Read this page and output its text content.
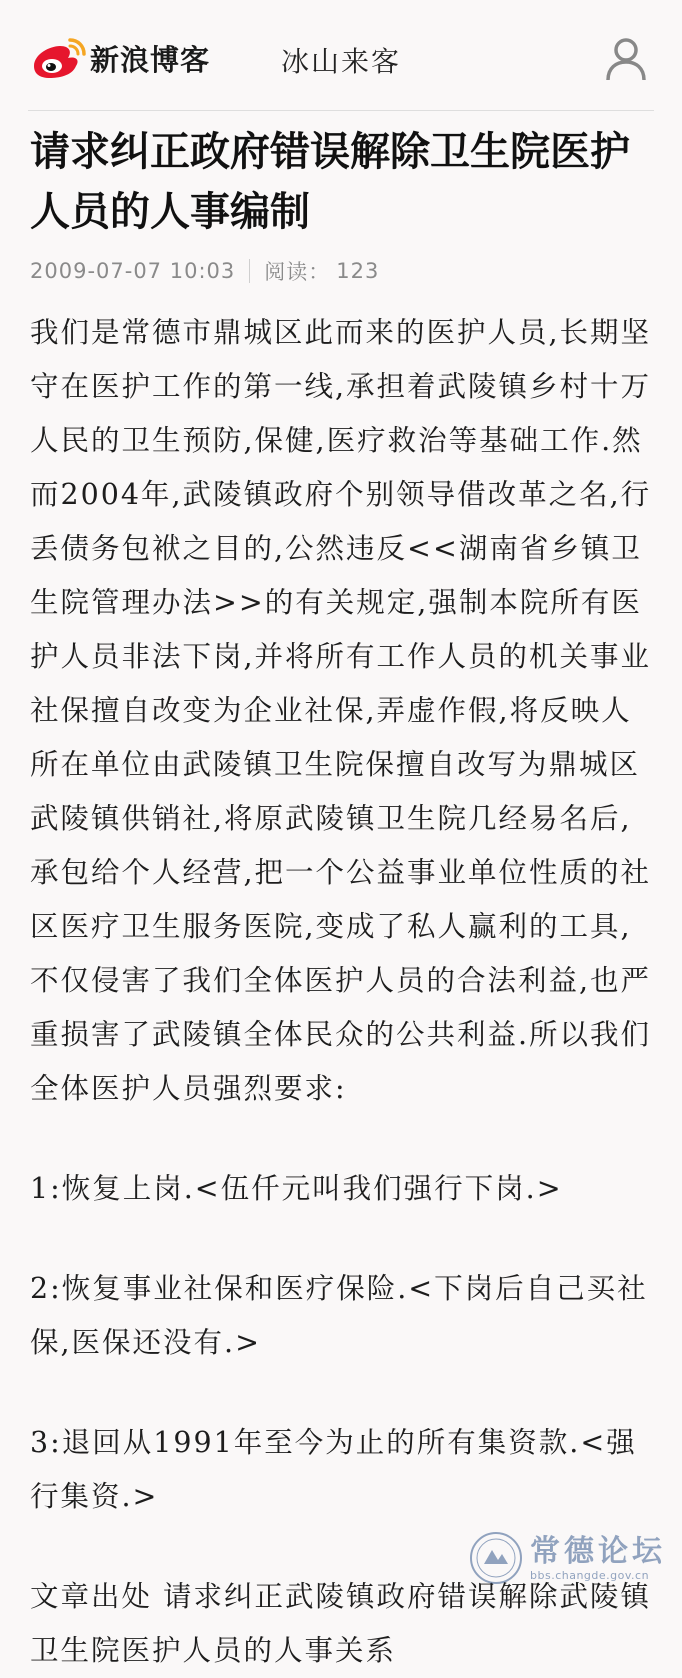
新浪博客	冰山来客
请求纠正政府错误解除卫生院医护人员的人事编制
2009-07-07 10:03 阅读： 123

我们是常德市鼎城区此而来的医护人员,长期坚守在医护工作的第一线,承担着武陵镇乡村十万人民的卫生预防,保健,医疗救治等基础工作.然而2004年,武陵镇政府个别领导借改革之名,行丢债务包袱之目的,公然违反<<湖南省乡镇卫生院管理办法>>的有关规定,强制本院所有医护人员非法下岗,并将所有工作人员的机关事业社保擅自改变为企业社保,弄虚作假,将反映人所在单位由武陵镇卫生院保擅自改写为鼎城区武陵镇供销社,将原武陵镇卫生院几经易名后,承包给个人经营,把一个公益事业单位性质的社区医疗卫生服务医院,变成了私人赢利的工具,不仅侵害了我们全体医护人员的合法利益,也严重损害了武陵镇全体民众的公共利益.所以我们全体医护人员强烈要求:

1:恢复上岗.<伍仟元叫我们强行下岗.>

2:恢复事业社保和医疗保险.<下岗后自己买社保,医保还没有.>

3:退回从1991年至今为止的所有集资款.<强行集资.>

文章出处 请求纠正武陵镇政府错误解除武陵镇卫生院医护人员的人事关系

常德论坛
bbs.changde.gov.cn
